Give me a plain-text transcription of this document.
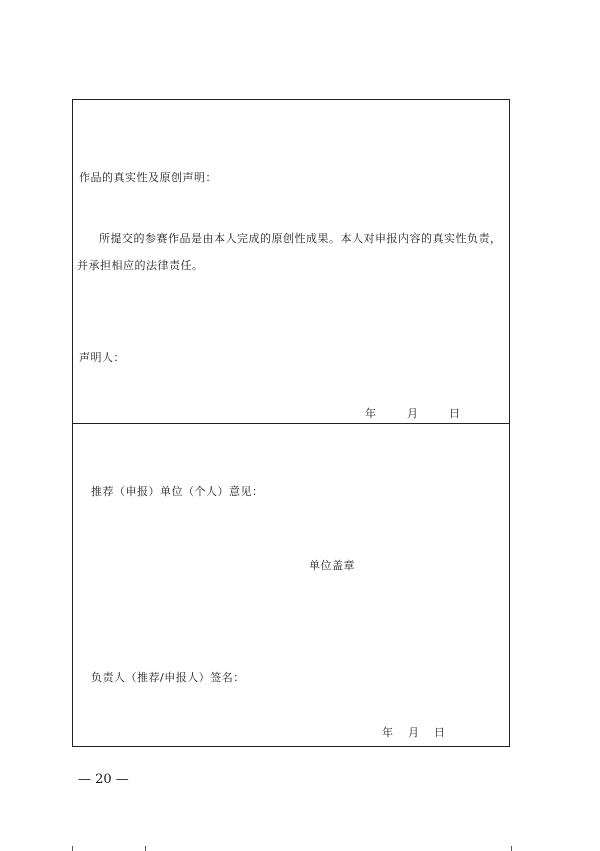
作品的真实性及原创声明：
所提交的参赛作品是由本人完成的原创性成果。本人对申报内容的真实性负责，并承担相应的法律责任。
声明人：
年	月	日
推荐（申报）单位（个人）意见：
单位盖章
负责人（推荐/申报人）签名：
年 月 日
— 20 —
